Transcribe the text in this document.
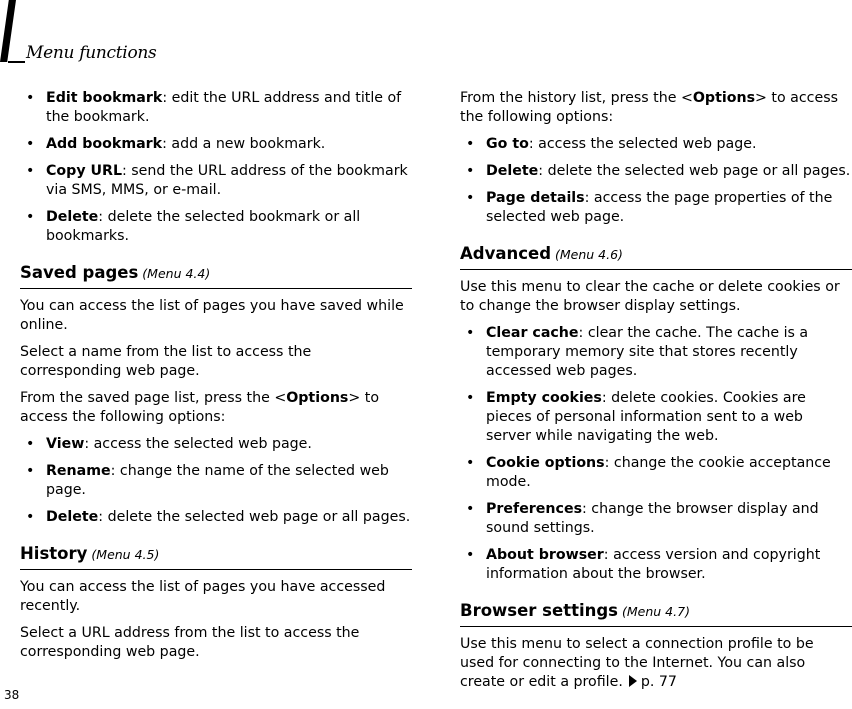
Menu functions
• Edit bookmark: edit the URL address and title of the bookmark.
• Add bookmark: add a new bookmark.
• Copy URL: send the URL address of the bookmark via SMS, MMS, or e-mail.
• Delete: delete the selected bookmark or all bookmarks.
Saved pages (Menu 4.4)

You can access the list of pages you have saved while online.

Select a name from the list to access the corresponding web page.

From the saved page list, press the <Options> to access the following options:

• View: access the selected web page.
• Rename: change the name of the selected web page.
• Delete: delete the selected web page or all pages.
History (Menu 4.5)

You can access the list of pages you have accessed recently.

Select a URL address from the list to access the corresponding web page.

From the history list, press the <Options> to access the following options:

• Go to: access the selected web page.
• Delete: delete the selected web page or all pages.
• Page details: access the page properties of the selected web page.
Advanced (Menu 4.6)

Use this menu to clear the cache or delete cookies or to change the browser display settings.

• Clear cache: clear the cache. The cache is a temporary memory site that stores recently accessed web pages.
• Empty cookies: delete cookies. Cookies are pieces of personal information sent to a web server while navigating the web.
• Cookie options: change the cookie acceptance mode.
• Preferences: change the browser display and sound settings.
• About browser: access version and copyright information about the browser.
Browser settings (Menu 4.7)

Use this menu to select a connection profile to be used for connecting to the Internet. You can also create or edit a profile. p. 77

38
